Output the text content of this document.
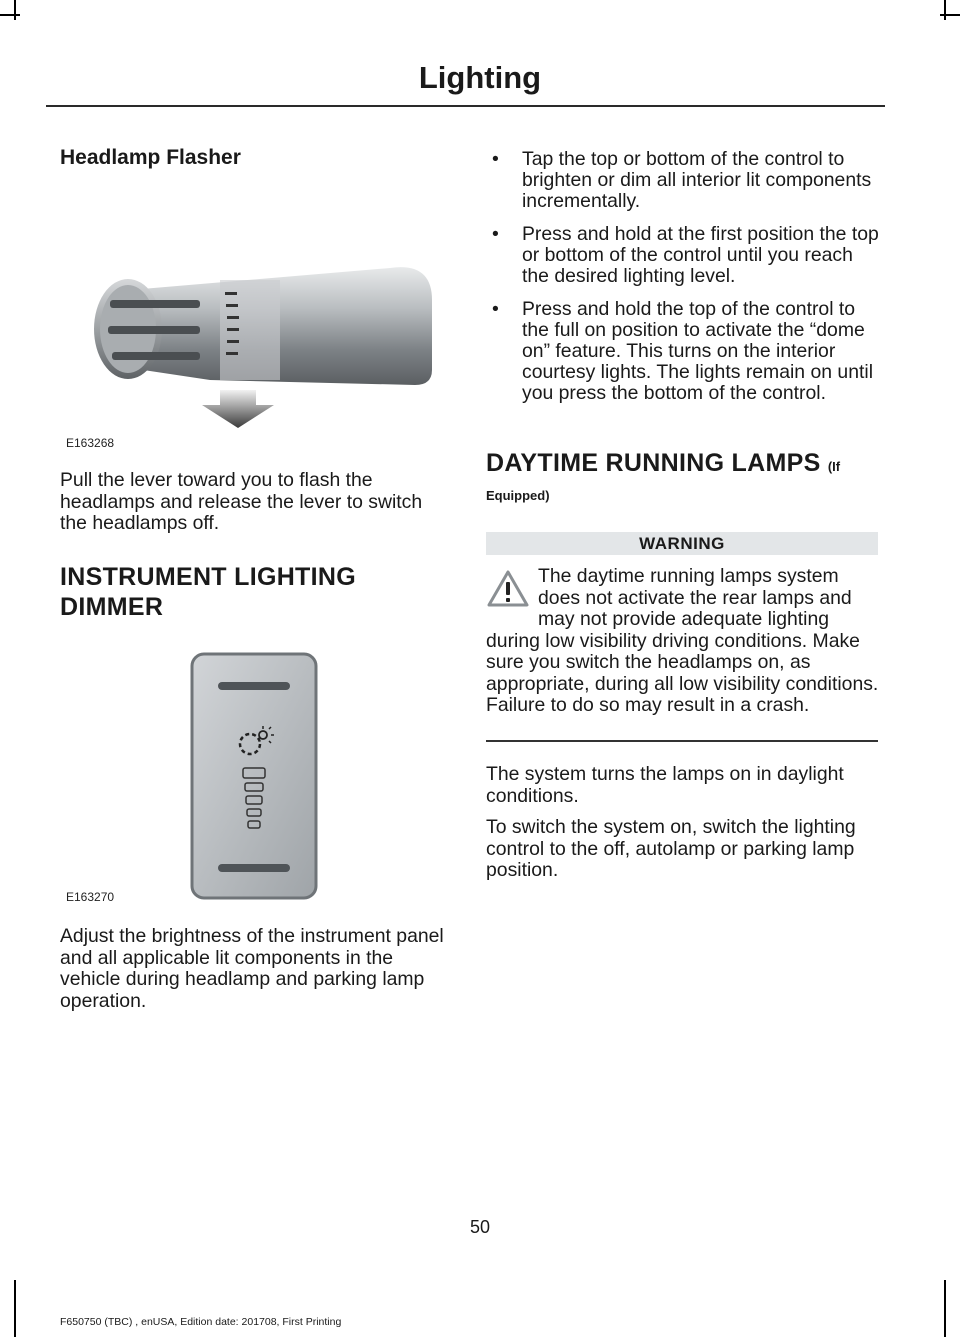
Lighting
Headlamp Flasher
E163268
Pull the lever toward you to flash the headlamps and release the lever to switch the headlamps off.
INSTRUMENT LIGHTING
DIMMER
E163270
Adjust the brightness of the instrument panel and all applicable lit components in the vehicle during headlamp and parking lamp operation.
• Tap the top or bottom of the control to brighten or dim all interior lit components incrementally.
• Press and hold at the first position the top or bottom of the control until you reach the desired lighting level.
• Press and hold the top of the control to the full on position to activate the “dome on” feature. This turns on the interior courtesy lights. The lights remain on until you press the bottom of the control.
DAYTIME RUNNING LAMPS (If
Equipped)
WARNING
The daytime running lamps system does not activate the rear lamps and may not provide adequate lighting during low visibility driving conditions. Make sure you switch the headlamps on, as appropriate, during all low visibility conditions. Failure to do so may result in a crash.
The system turns the lamps on in daylight conditions.
To switch the system on, switch the lighting control to the off, autolamp or parking lamp position.
50
F650750 (TBC) , enUSA, Edition date: 201708, First Printing
